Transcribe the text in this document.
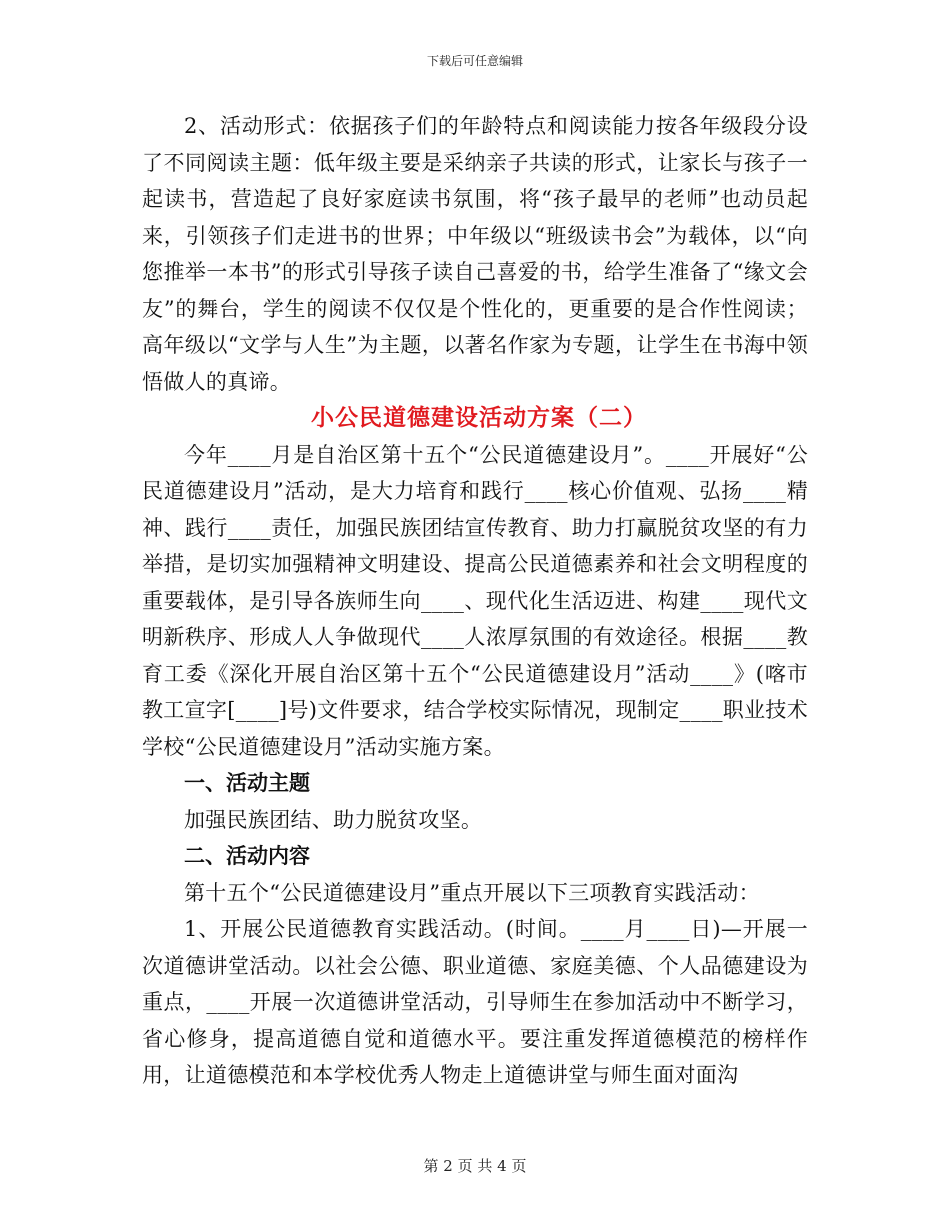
下载后可任意编辑

2、活动形式：依据孩子们的年龄特点和阅读能力按各年级段分设了不同阅读主题：低年级主要是采纳亲子共读的形式，让家长与孩子一起读书，营造起了良好家庭读书氛围，将“孩子最早的老师”也动员起来，引领孩子们走进书的世界；中年级以“班级读书会”为载体，以“向您推举一本书”的形式引导孩子读自己喜爱的书，给学生准备了“缘文会友”的舞台，学生的阅读不仅仅是个性化的，更重要的是合作性阅读；高年级以“文学与人生”为主题，以著名作家为专题，让学生在书海中领悟做人的真谛。

小公民道德建设活动方案（二）

今年____月是自治区第十五个“公民道德建设月”。____开展好“公民道德建设月”活动，是大力培育和践行____核心价值观、弘扬____精神、践行____责任，加强民族团结宣传教育、助力打赢脱贫攻坚的有力举措，是切实加强精神文明建设、提高公民道德素养和社会文明程度的重要载体，是引导各族师生向____、现代化生活迈进、构建____现代文明新秩序、形成人人争做现代____人浓厚氛围的有效途径。根据____教育工委《深化开展自治区第十五个“公民道德建设月”活动____》(喀市教工宣字[____]号)文件要求，结合学校实际情况，现制定____职业技术学校“公民道德建设月”活动实施方案。

一、活动主题

加强民族团结、助力脱贫攻坚。

二、活动内容

第十五个“公民道德建设月”重点开展以下三项教育实践活动：

1、开展公民道德教育实践活动。(时间。____月____日)—开展一次道德讲堂活动。以社会公德、职业道德、家庭美德、个人品德建设为重点，____开展一次道德讲堂活动，引导师生在参加活动中不断学习，省心修身，提高道德自觉和道德水平。要注重发挥道德模范的榜样作用，让道德模范和本学校优秀人物走上道德讲堂与师生面对面沟

第 2 页 共 4 页
